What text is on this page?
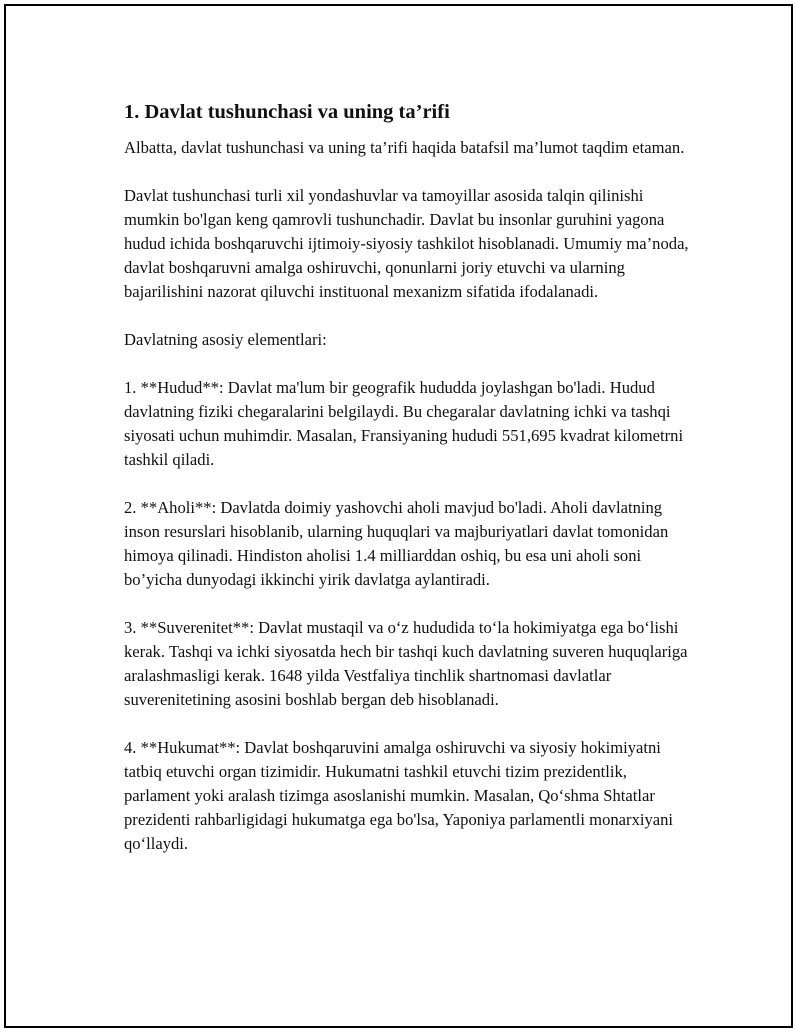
1. Davlat tushunchasi va uning ta’rifi

Albatta, davlat tushunchasi va uning ta’rifi haqida batafsil ma’lumot taqdim etaman.

Davlat tushunchasi turli xil yondashuvlar va tamoyillar asosida talqin qilinishi mumkin bo'lgan keng qamrovli tushunchadir. Davlat bu insonlar guruhini yagona hudud ichida boshqaruvchi ijtimoiy-siyosiy tashkilot hisoblanadi. Umumiy ma’noda, davlat boshqaruvni amalga oshiruvchi, qonunlarni joriy etuvchi va ularning bajarilishini nazorat qiluvchi instituonal mexanizm sifatida ifodalanadi.

Davlatning asosiy elementlari:

1. **Hudud**: Davlat ma'lum bir geografik hududda joylashgan bo'ladi. Hudud davlatning fiziki chegaralarini belgilaydi. Bu chegaralar davlatning ichki va tashqi siyosati uchun muhimdir. Masalan, Fransiyaning hududi 551,695 kvadrat kilometrni tashkil qiladi.

2. **Aholi**: Davlatda doimiy yashovchi aholi mavjud bo'ladi. Aholi davlatning inson resurslari hisoblanib, ularning huquqlari va majburiyatlari davlat tomonidan himoya qilinadi. Hindiston aholisi 1.4 milliarddan oshiq, bu esa uni aholi soni bo’yicha dunyodagi ikkinchi yirik davlatga aylantiradi.

3. **Suverenitet**: Davlat mustaqil va o‘z hududida to‘la hokimiyatga ega bo‘lishi kerak. Tashqi va ichki siyosatda hech bir tashqi kuch davlatning suveren huquqlariga aralashmasligi kerak. 1648 yilda Vestfaliya tinchlik shartnomasi davlatlar suverenitetining asosini boshlab bergan deb hisoblanadi.

4. **Hukumat**: Davlat boshqaruvini amalga oshiruvchi va siyosiy hokimiyatni tatbiq etuvchi organ tizimidir. Hukumatni tashkil etuvchi tizim prezidentlik, parlament yoki aralash tizimga asoslanishi mumkin. Masalan, Qo‘shma Shtatlar prezidenti rahbarligidagi hukumatga ega bo'lsa, Yaponiya parlamentli monarxiyani qo‘llaydi.
